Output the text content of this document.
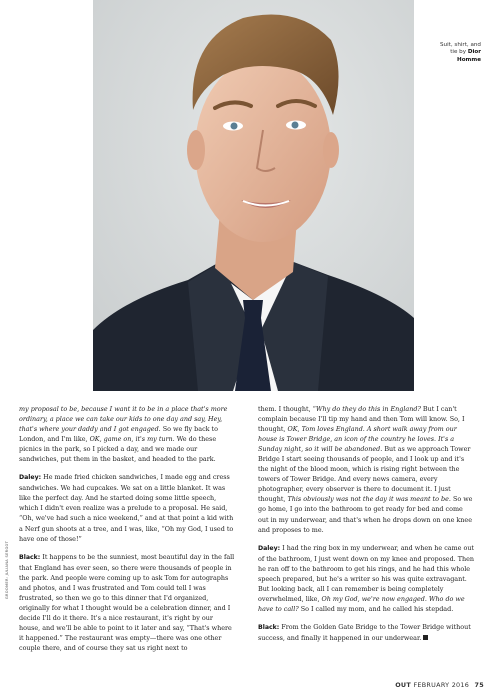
Suit, shirt, and
tie by Dior
Homme
GROOMER: JULIANA SERGOT

my proposal to be, because I want it to be in a place that's more ordinary, a place we can take our kids to one day and say, Hey, that's where your daddy and I got engaged. So we fly back to London, and I'm like, OK, game on, it's my turn. We do these picnics in the park, so I picked a day, and we made our sandwiches, put them in the basket, and headed to the park.

Daley: He made fried chicken sandwiches, I made egg and cress sandwiches. We had cupcakes. We sat on a little blanket. It was like the perfect day. And he started doing some little speech, which I didn't even realize was a prelude to a proposal. He said, “Oh, we've had such a nice weekend,” and at that point a kid with a Nerf gun shoots at a tree, and I was, like, “Oh my God, I used to have one of those!”

Black: It happens to be the sunniest, most beautiful day in the fall that England has ever seen, so there were thousands of people in the park. And people were coming up to ask Tom for autographs and photos, and I was frustrated and Tom could tell I was frustrated, so then we go to this dinner that I'd organized, originally for what I thought would be a celebration dinner, and I decide I'll do it there. It's a nice restaurant, it's right by our house, and we'll be able to point to it later and say, “That's where it happened.” The restaurant was empty—there was one other couple there, and of course they sat us right next to

them. I thought, “Why do they do this in England? But I can't complain because I'll tip my hand and then Tom will know. So, I thought, OK, Tom loves England. A short walk away from our house is Tower Bridge, an icon of the country he loves. It's a Sunday night, so it will be abandoned. But as we approach Tower Bridge I start seeing thousands of people, and I look up and it's the night of the blood moon, which is rising right between the towers of Tower Bridge. And every news camera, every photographer, every observer is there to document it. I just thought, This obviously was not the day it was meant to be. So we go home, I go into the bathroom to get ready for bed and come out in my underwear, and that's when he drops down on one knee and proposes to me.

Daley: I had the ring box in my underwear, and when he came out of the bathroom, I just went down on my knee and proposed. Then he ran off to the bathroom to get his rings, and he had this whole speech prepared, but he's a writer so his was quite extravagant. But looking back, all I can remember is being completely overwhelmed, like, Oh my God, we're now engaged. Who do we have to call? So I called my mom, and he called his stepdad.

Black: From the Golden Gate Bridge to the Tower Bridge without success, and finally it happened in our underwear.

OUT FEBRUARY 2016 75
